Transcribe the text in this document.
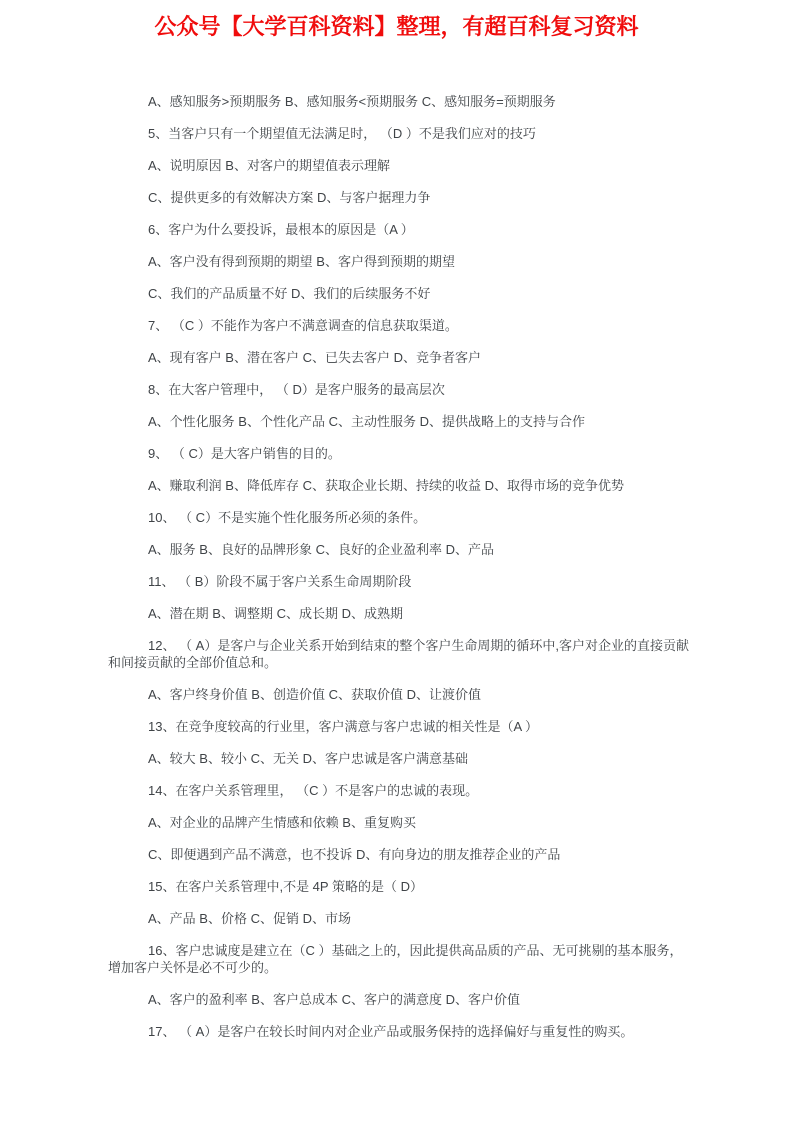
公众号【大学百科资料】整理，有超百科复习资料

A、感知服务>预期服务 B、感知服务<预期服务 C、感知服务=预期服务

5、当客户只有一个期望值无法满足时， （D ）不是我们应对的技巧

A、说明原因 B、对客户的期望值表示理解

C、提供更多的有效解决方案 D、与客户据理力争

6、客户为什么要投诉，最根本的原因是（A ）

A、客户没有得到预期的期望 B、客户得到预期的期望

C、我们的产品质量不好 D、我们的后续服务不好

7、 （C ）不能作为客户不满意调查的信息获取渠道。

A、现有客户 B、潜在客户 C、已失去客户 D、竞争者客户

8、在大客户管理中， （ D）是客户服务的最高层次

A、个性化服务 B、个性化产品 C、主动性服务 D、提供战略上的支持与合作

9、 （ C）是大客户销售的目的。

A、赚取利润 B、降低库存 C、获取企业长期、持续的收益 D、取得市场的竞争优势

10、 （ C）不是实施个性化服务所必须的条件。

A、服务 B、良好的品牌形象 C、良好的企业盈利率 D、产品

11、 （ B）阶段不属于客户关系生命周期阶段

A、潜在期 B、调整期 C、成长期 D、成熟期

12、 （ A）是客户与企业关系开始到结束的整个客户生命周期的循环中,客户对企业的直接贡献和间接贡献的全部价值总和。

A、客户终身价值 B、创造价值 C、获取价值 D、让渡价值

13、在竞争度较高的行业里，客户满意与客户忠诚的相关性是（A ）

A、较大 B、较小 C、无关 D、客户忠诚是客户满意基础

14、在客户关系管理里， （C ）不是客户的忠诚的表现。

A、对企业的品牌产生情感和依赖 B、重复购买

C、即便遇到产品不满意，也不投诉 D、有向身边的朋友推荐企业的产品

15、在客户关系管理中,不是 4P 策略的是（ D）

A、产品 B、价格 C、促销 D、市场

16、客户忠诚度是建立在（C ）基础之上的，因此提供高品质的产品、无可挑剔的基本服务，增加客户关怀是必不可少的。

A、客户的盈利率 B、客户总成本 C、客户的满意度 D、客户价值

17、 （ A）是客户在较长时间内对企业产品或服务保持的选择偏好与重复性的购买。
